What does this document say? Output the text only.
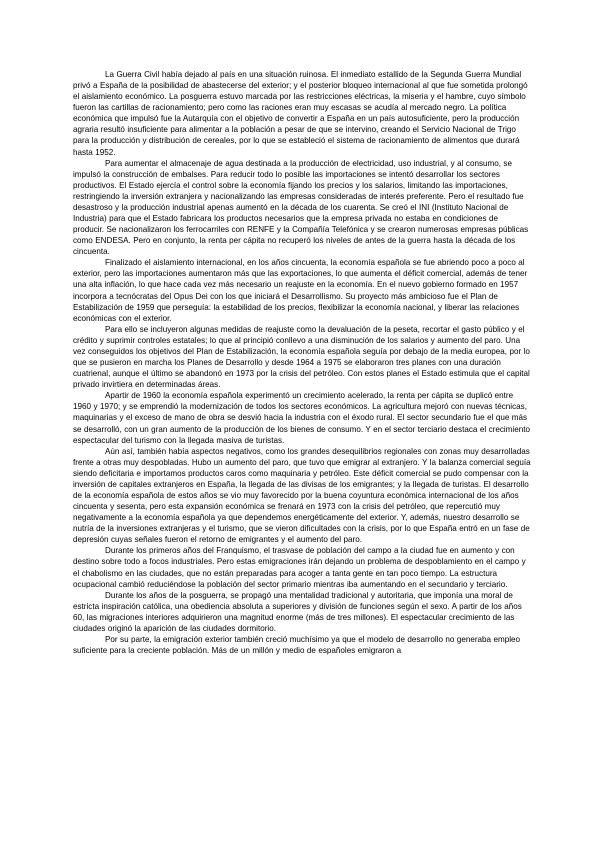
La Guerra Civil había dejado al país en una situación ruinosa. El inmediato estallido de la Segunda Guerra Mundial privó a España de la posibilidad de abastecerse del exterior; y el posterior bloqueo internacional al que fue sometida prolongó el aislamiento económico. La posguerra estuvo marcada por las restricciones eléctricas, la miseria y el hambre, cuyo símbolo fueron las cartillas de racionamiento; pero como las raciones eran muy escasas se acudía al mercado negro. La política económica que impulsó fue la Autarquía con el objetivo de convertir a España en un país autosuficiente, pero la producción agraria resultó insuficiente para alimentar a la población a pesar de que se intervino, creando el Servicio Nacional de Trigo para la producción y distribución de cereales, por lo que se estableció el sistema de racionamiento de alimentos que durará hasta 1952.

Para aumentar el almacenaje de agua destinada a la producción de electricidad, uso industrial, y al consumo, se impulsó la construcción de embalses. Para reducir todo lo posible las importaciones se intentó desarrollar los sectores productivos. El Estado ejercía el control sobre la economía fijando los precios y los salarios, limitando las importaciones, restringiendo la inversión extranjera y nacionalizando las empresas consideradas de interés preferente. Pero el resultado fue desastroso y la producción industrial apenas aumentó en la década de los cuarenta. Se creó el INI (Instituto Nacional de Industria) para que el Estado fabricara los productos necesarios que la empresa privada no estaba en condiciones de producir. Se nacionalizaron los ferrocarriles con RENFE y la Compañía Telefónica y se crearon numerosas empresas públicas como ENDESA. Pero en conjunto, la renta per cápita no recuperó los niveles de antes de la guerra hasta la década de los cincuenta.

Finalizado el aislamiento internacional, en los años cincuenta, la economía española se fue abriendo poco a poco al exterior, pero las importaciones aumentaron más que las exportaciones, lo que aumenta el déficit comercial, además de tener una alta inflación, lo que hace cada vez más necesario un reajuste en la economía. En el nuevo gobierno formado en 1957 incorpora a tecnócratas del Opus Dei con los que iniciará el Desarrollismo. Su proyecto más ambicioso fue el Plan de Estabilización de 1959 que perseguía: la estabilidad de los precios, flexibilizar la economía nacional, y liberar las relaciones económicas con el exterior.

Para ello se incluyeron algunas medidas de reajuste como la devaluación de la peseta, recortar el gasto público y el crédito y suprimir controles estatales; lo que al principió conllevo a una disminución de los salarios y aumento del paro. Una vez conseguidos los objetivos del Plan de Estabilización, la economía española seguía por debajo de la media europea, por lo que se pusieron en marcha los Planes de Desarrollo y desde 1964 a 1975 se elaboraron tres planes con una duración cuatrienal, aunque el último se abandonó en 1973 por la crisis del petróleo. Con estos planes el Estado estimula que el capital privado invirtiera en determinadas áreas.

Apartir de 1960 la economía española experimentó un crecimiento acelerado, la renta per cápita se duplicó entre 1960 y 1970; y se emprendió la modernización de todos los sectores económicos. La agricultura mejoró con nuevas técnicas, maquinarias y el exceso de mano de obra se desvió hacia la industria con el éxodo rural. El sector secundario fue el que más se desarrolló, con un gran aumento de la producción de los bienes de consumo. Y en el sector terciario destaca el crecimiento espectacular del turismo con la llegada masiva de turistas.

Aún así, también había aspectos negativos, como los grandes desequilibrios regionales con zonas muy desarrolladas frente a otras muy despobladas. Hubo un aumento del paro, que tuvo que emigrar al extranjero. Y la balanza comercial seguía siendo deficitaria e importamos productos caros como maquinaria y petróleo. Este déficit comercial se pudo compensar con la inversión de capitales extranjeros en España, la llegada de las divisas de los emigrantes; y la llegada de turistas. El desarrollo de la economía española de estos años se vio muy favorecido por la buena coyuntura económica internacional de los años cincuenta y sesenta, pero esta expansión económica se frenará en 1973 con la crisis del petróleo, que repercutió muy negativamente a la economía española ya que dependemos energéticamente del exterior. Y, además, nuestro desarrollo se nutría de la inversiones extranjeras y el turismo, que se vieron dificultades con la crisis, por lo que España entró en un fase de depresión cuyas señales fueron el retorno de emigrantes y el aumento del paro.

Durante los primeros años del Franquismo, el trasvase de población del campo a la ciudad fue en aumento y con destino sobre todo a focos industriales. Pero estas emigraciones irán dejando un problema de despoblamiento en el campo y el chabolismo en las ciudades, que no están preparadas para acoger a tanta gente en tan poco tiempo. La estructura ocupacional cambió reduciéndose la población del sector primario mientras iba aumentando en el secundario y terciario.

Durante los años de la posguerra, se propagó una mentalidad tradicional y autoritaria, que imponía una moral de estricta inspiración católica, una obediencia absoluta a superiores y división de funciones según el sexo. A partir de los años 60, las migraciones interiores adquirieron una magnitud enorme (más de tres millones). El espectacular crecimiento de las ciudades originó la aparición de las ciudades dormitorio.

Por su parte, la emigración exterior también creció muchísimo ya que el modelo de desarrollo no generaba empleo suficiente para la creciente población. Más de un millón y medio de españoles emigraron a
